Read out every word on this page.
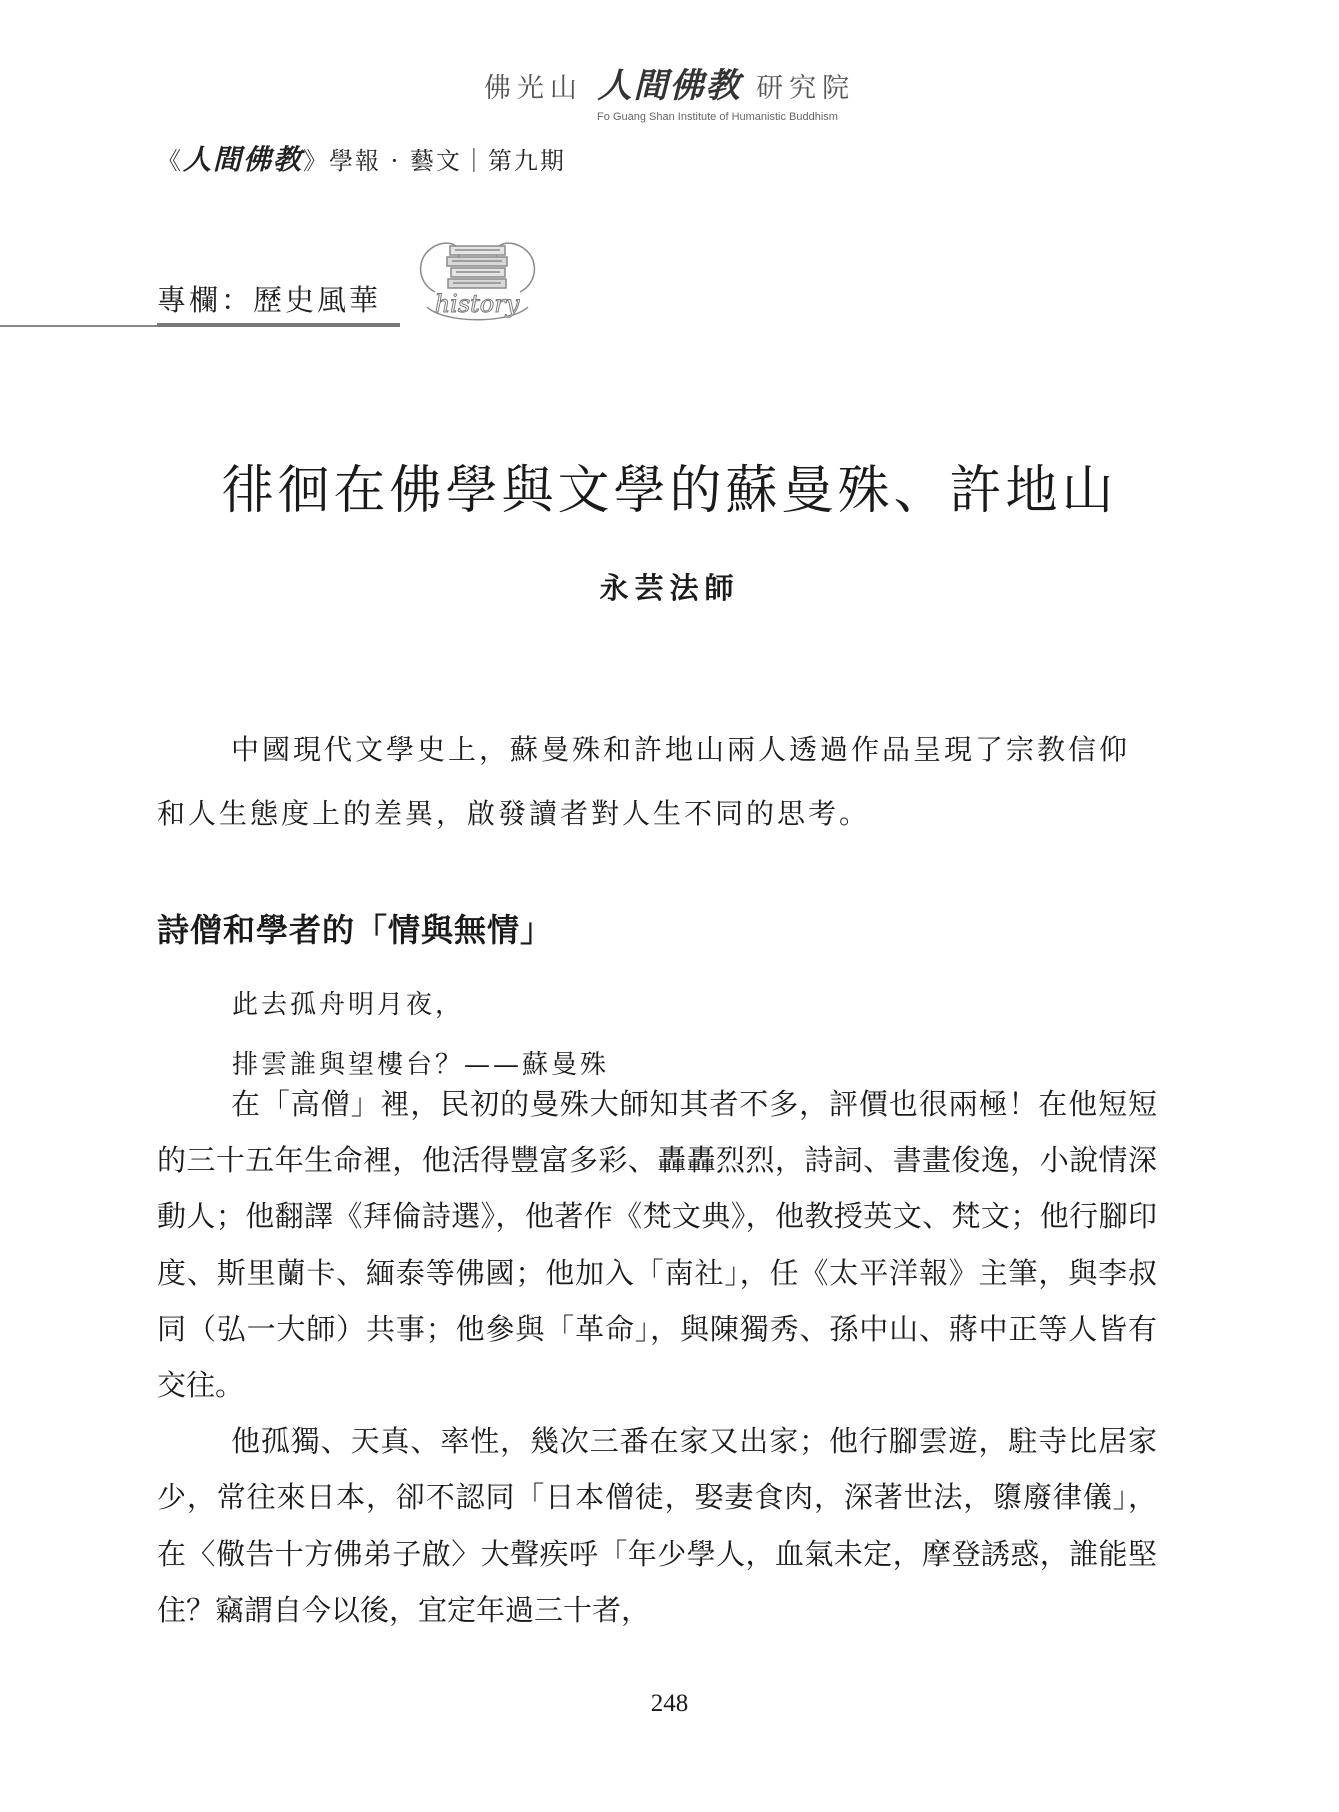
佛光山 人間佛教 研究院
Fo Guang Shan Institute of Humanistic Buddhism
《人間佛教》學報 · 藝文｜第九期
專欄：歷史風華 history
徘徊在佛學與文學的蘇曼殊、許地山
永芸法師

中國現代文學史上，蘇曼殊和許地山兩人透過作品呈現了宗教信仰和人生態度上的差異，啟發讀者對人生不同的思考。

詩僧和學者的「情與無情」
此去孤舟明月夜，
排雲誰與望樓台？——蘇曼殊

在「高僧」裡，民初的曼殊大師知其者不多，評價也很兩極！在他短短的三十五年生命裡，他活得豐富多彩、轟轟烈烈，詩詞、書畫俊逸，小說情深動人；他翻譯《拜倫詩選》，他著作《梵文典》，他教授英文、梵文；他行腳印度、斯里蘭卡、緬泰等佛國；他加入「南社」，任《太平洋報》主筆，與李叔同（弘一大師）共事；他參與「革命」，與陳獨秀、孫中山、蔣中正等人皆有交往。

他孤獨、天真、率性，幾次三番在家又出家；他行腳雲遊，駐寺比居家少，常往來日本，卻不認同「日本僧徒，娶妻食肉，深著世法，隳廢律儀」，在〈儆告十方佛弟子啟〉大聲疾呼「年少學人，血氣未定，摩登誘惑，誰能堅住？竊謂自今以後，宜定年過三十者，

248
